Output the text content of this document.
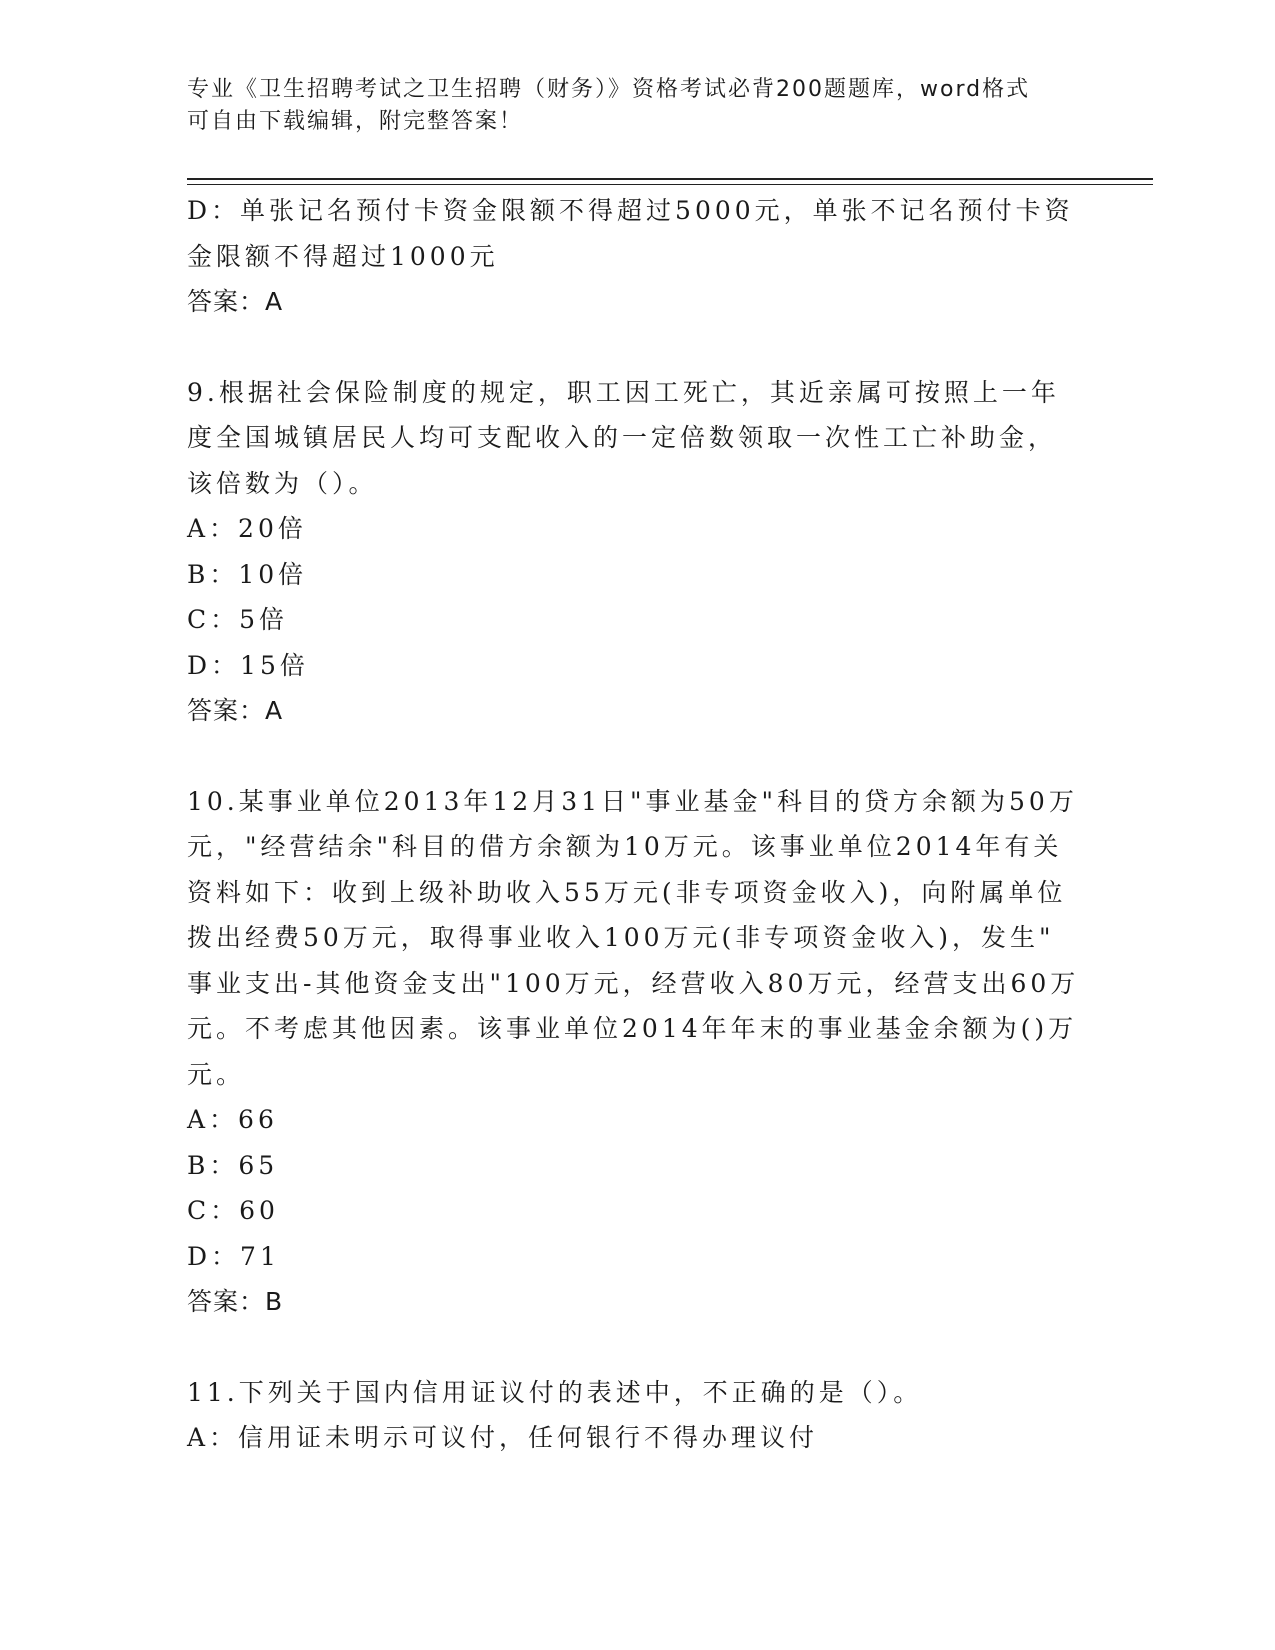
专业《卫生招聘考试之卫生招聘（财务）》资格考试必背200题题库，word格式
可自由下载编辑，附完整答案！

D：单张记名预付卡资金限额不得超过5000元，单张不记名预付卡资

金限额不得超过1000元

答案：A

9.根据社会保险制度的规定，职工因工死亡，其近亲属可按照上一年

度全国城镇居民人均可支配收入的一定倍数领取一次性工亡补助金，

该倍数为（）。

A：20倍

B：10倍

C：5倍

D：15倍

答案：A

10.某事业单位2013年12月31日"事业基金"科目的贷方余额为50万

元，"经营结余"科目的借方余额为10万元。该事业单位2014年有关

资料如下：收到上级补助收入55万元(非专项资金收入)，向附属单位

拨出经费50万元，取得事业收入100万元(非专项资金收入)，发生"

事业支出-其他资金支出"100万元，经营收入80万元，经营支出60万

元。不考虑其他因素。该事业单位2014年年末的事业基金余额为()万

元。

A：66

B：65

C：60

D：71

答案：B

11.下列关于国内信用证议付的表述中，不正确的是（）。

A：信用证未明示可议付，任何银行不得办理议付
